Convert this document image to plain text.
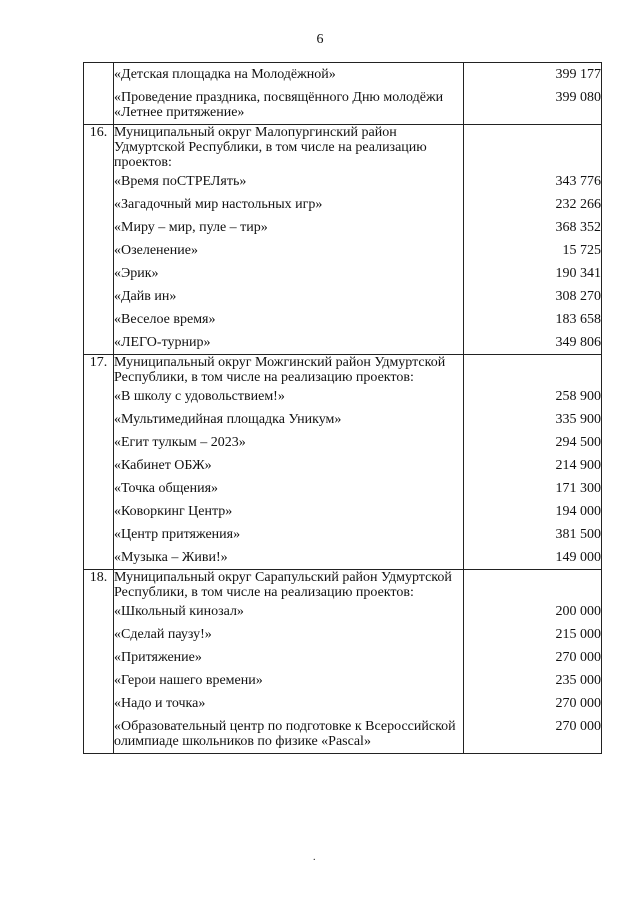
6
	«Детская площадка на Молодёжной»	399 177
	«Проведение праздника, посвящённого Дню молодёжи «Летнее притяжение»	399 080
16.	Муниципальный округ Малопургинский район Удмуртской Республики, в том числе на реализацию проектов:	
	«Время поСТРЕЛять»	343 776
	«Загадочный мир настольных игр»	232 266
	«Миру – мир, пуле – тир»	368 352
	«Озеленение»	15 725
	«Эрик»	190 341
	«Дайв ин»	308 270
	«Веселое время»	183 658
	«ЛЕГО-турнир»	349 806
17.	Муниципальный округ Можгинский район Удмуртской Республики, в том числе на реализацию проектов:	
	«В школу с удовольствием!»	258 900
	«Мультимедийная площадка Уникум»	335 900
	«Егит тулкым – 2023»	294 500
	«Кабинет ОБЖ»	214 900
	«Точка общения»	171 300
	«Коворкинг Центр»	194 000
	«Центр притяжения»	381 500
	«Музыка – Живи!»	149 000
18.	Муниципальный округ Сарапульский район Удмуртской Республики, в том числе на реализацию проектов:	
	«Школьный кинозал»	200 000
	«Сделай паузу!»	215 000
	«Притяжение»	270 000
	«Герои нашего времени»	235 000
	«Надо и точка»	270 000
	«Образовательный центр по подготовке к Всероссийской олимпиаде школьников по физике «Pascal»	270 000
.
